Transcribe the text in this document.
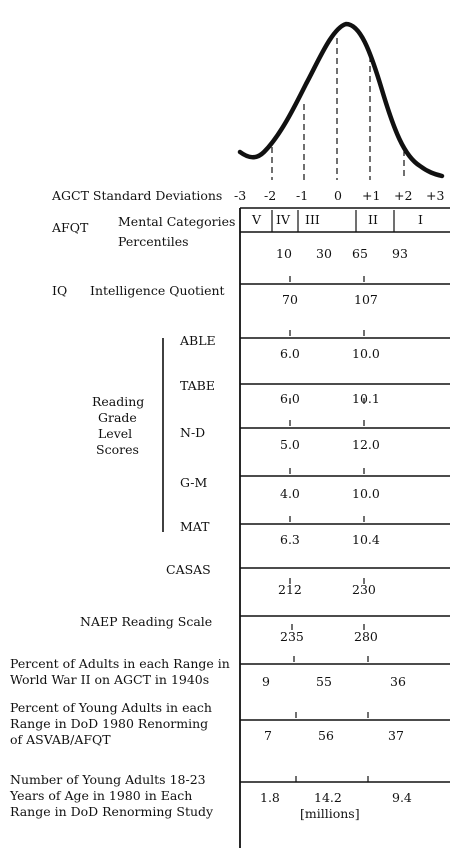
AGCT Standard Deviations -3 -2 -1 0 +1 +2 +3
AFQT Mental Categories
Percentiles
V IV III	II	I
10 30 65 93
IQ Intelligence Quotient
70	107
Reading
Grade
Level
Scores
ABLE
6.0	10.0
TABE
6.0	10.1
N-D
5.0	12.0
G-M
4.0	10.0
MAT
6.3	10.4
CASAS
212	230
NAEP Reading Scale
235	280
Percent of Adults in each Range in
World War II on AGCT in 1940s	9	55	36
Percent of Young Adults in each
Range in DoD 1980 Renorming
of ASVAB/AFQT	7	56	37
Number of Young Adults 18-23
Years of Age in 1980 in Each
Range in DoD Renorming Study
1.8	14.2	9.4
[millions]
